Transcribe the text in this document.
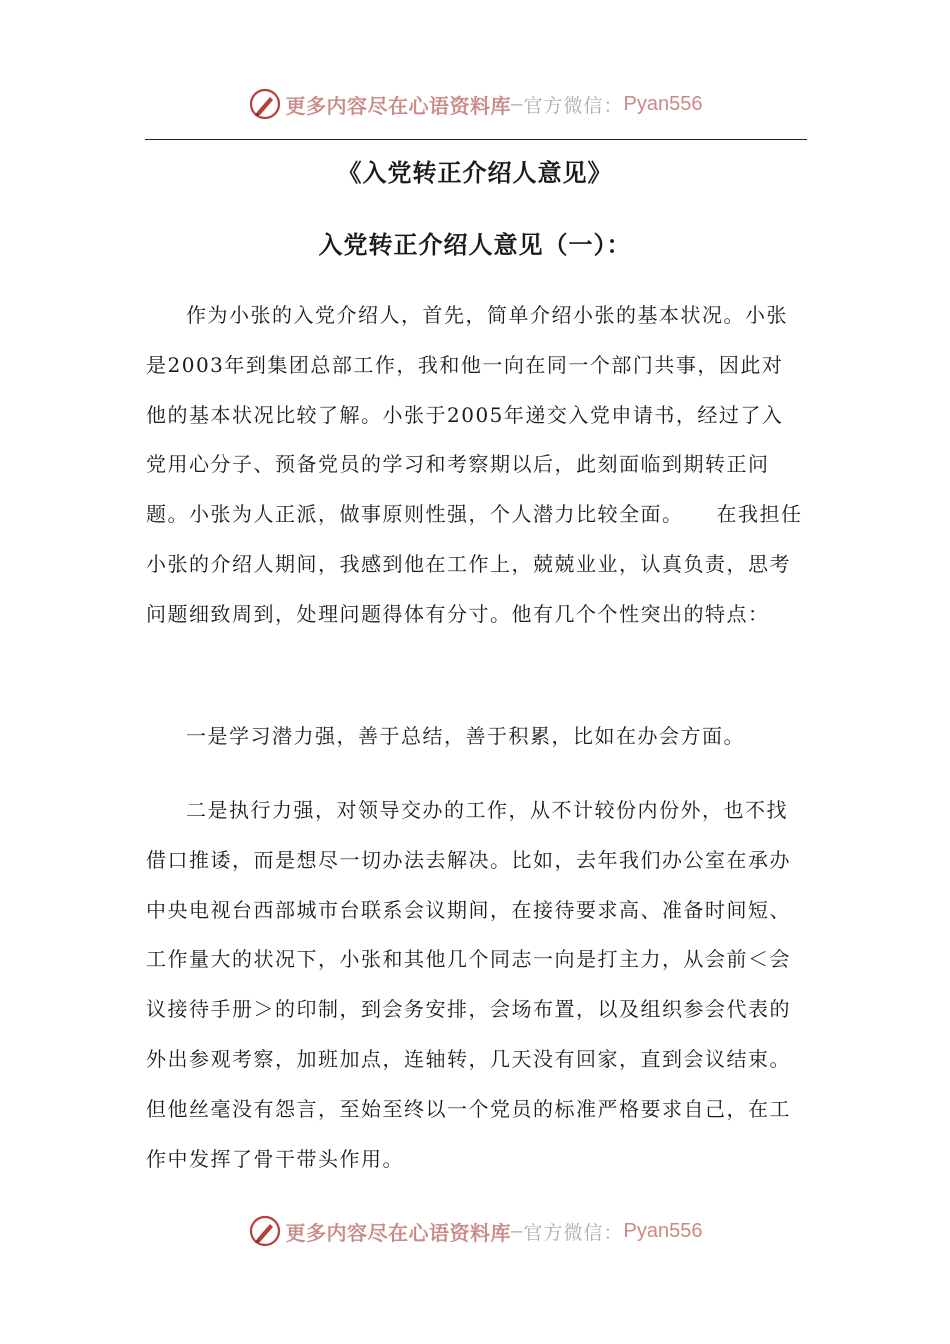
更多内容尽在心语资料库 — 官方微信： Pyan556
《入党转正介绍人意见》
入党转正介绍人意见（一）：

作为小张的入党介绍人，首先，简单介绍小张的基本状况。小张是2003年到集团总部工作，我和他一向在同一个部门共事，因此对他的基本状况比较了解。小张于2005年递交入党申请书，经过了入党用心分子、预备党员的学习和考察期以后，此刻面临到期转正问题。小张为人正派，做事原则性强，个人潜力比较全面。　　在我担任小张的介绍人期间，我感到他在工作上，兢兢业业，认真负责，思考问题细致周到，处理问题得体有分寸。他有几个个性突出的特点：

一是学习潜力强，善于总结，善于积累，比如在办会方面。

二是执行力强，对领导交办的工作，从不计较份内份外，也不找借口推诿，而是想尽一切办法去解决。比如，去年我们办公室在承办中央电视台西部城市台联系会议期间，在接待要求高、准备时间短、工作量大的状况下，小张和其他几个同志一向是打主力，从会前＜会议接待手册＞的印制，到会务安排，会场布置，以及组织参会代表的外出参观考察，加班加点，连轴转，几天没有回家，直到会议结束。但他丝毫没有怨言，至始至终以一个党员的标准严格要求自己，在工作中发挥了骨干带头作用。

更多内容尽在心语资料库 — 官方微信： Pyan556
